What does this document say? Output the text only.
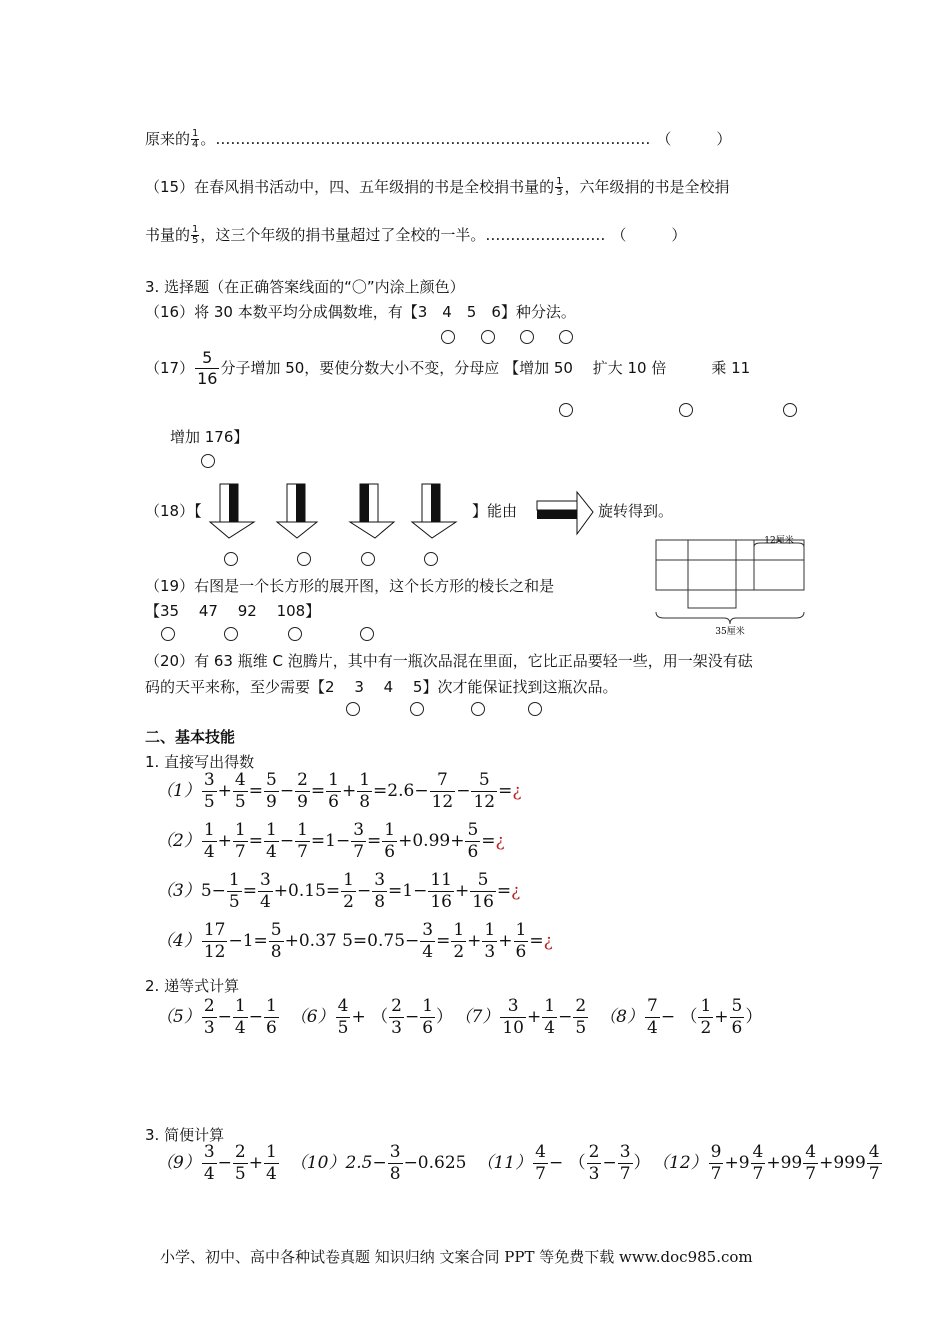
原来的 $\frac{1}{4}$ 。…………………………………………………………………………… （　　　）
（15）在春风捐书活动中，四、五年级捐的书是全校捐书量的 $\frac{1}{3}$ ，六年级捐的书是全校捐
书量的 $\frac{1}{5}$ ，这三个年级的捐书量超过了全校的一半。…………………… （　　　）
3. 选择题（在正确答案线面的“〇”内涂上颜色）
（16）将 30 本数平均分成偶数堆，有【3　4　5　6】种分法。
$(17) \frac{5}{16}$ 分子增加 50，要使分数大小不变，分母应 【增加 50　 扩大 10 倍　　　乘 11
增加 176】
（18）【	】能由	旋转得到。
12厘米
35厘米
（19）右图是一个长方形的展开图，这个长方形的棱长之和是
【35　 47　 92　 108】
（20）有 63 瓶维 C 泡腾片，其中有一瓶次品混在里面，它比正品要轻一些，用一架没有砝
码的天平来称，至少需要【2　 3　 4　 5】次才能保证找到这瓶次品。
二、基本技能
1. 直接写出得数
$(1) \frac{3}{5} + \frac{4}{5} = \frac{5}{9} - \frac{2}{9} = \frac{1}{6} + \frac{1}{8} =2.6- \frac{7}{12} - \frac{5}{12}$ =¿
$(2) \frac{1}{4} + \frac{1}{7} = \frac{1}{4} - \frac{1}{7} =1- \frac{3}{7} = \frac{1}{6} +0.99+ \frac{5}{6}$ =¿
$(3)5- \frac{1}{5} = \frac{3}{4} +0.15= \frac{1}{2} - \frac{3}{8} =1- \frac{11}{16} + \frac{5}{16}$ =¿
$(4) \frac{17}{12} -1= \frac{5}{8} +0.37$ $5=0.75- \frac{3}{4} = \frac{1}{2} + \frac{1}{3} + \frac{1}{6}$ =¿
2. 递等式计算
$(5) \frac{2}{3} - \frac{1}{4} - \frac{1}{6} (6) \frac{4}{5}$ + （ $\frac{2}{3} - \frac{1}{6}$ ） $(7) \frac{3}{10} + \frac{1}{4} - \frac{2}{5} (8) \frac{7}{4}$ − （ $\frac{1}{2} + \frac{5}{6}$ ）
3. 简便计算
$(9) \frac{3}{4} - \frac{2}{5} + \frac{1}{4} (10)2.5- \frac{3}{8} -0.625$ $(11) \frac{4}{7}$ − （ $\frac{2}{3} - \frac{3}{7}$ ） $(12) \frac{9}{7} +9 \frac{4}{7} +99 \frac{4}{7} +999 \frac{4}{7}$
小学、初中、高中各种试卷真题 知识归纳 文案合同 PPT 等免费下载 www.doc985.com
